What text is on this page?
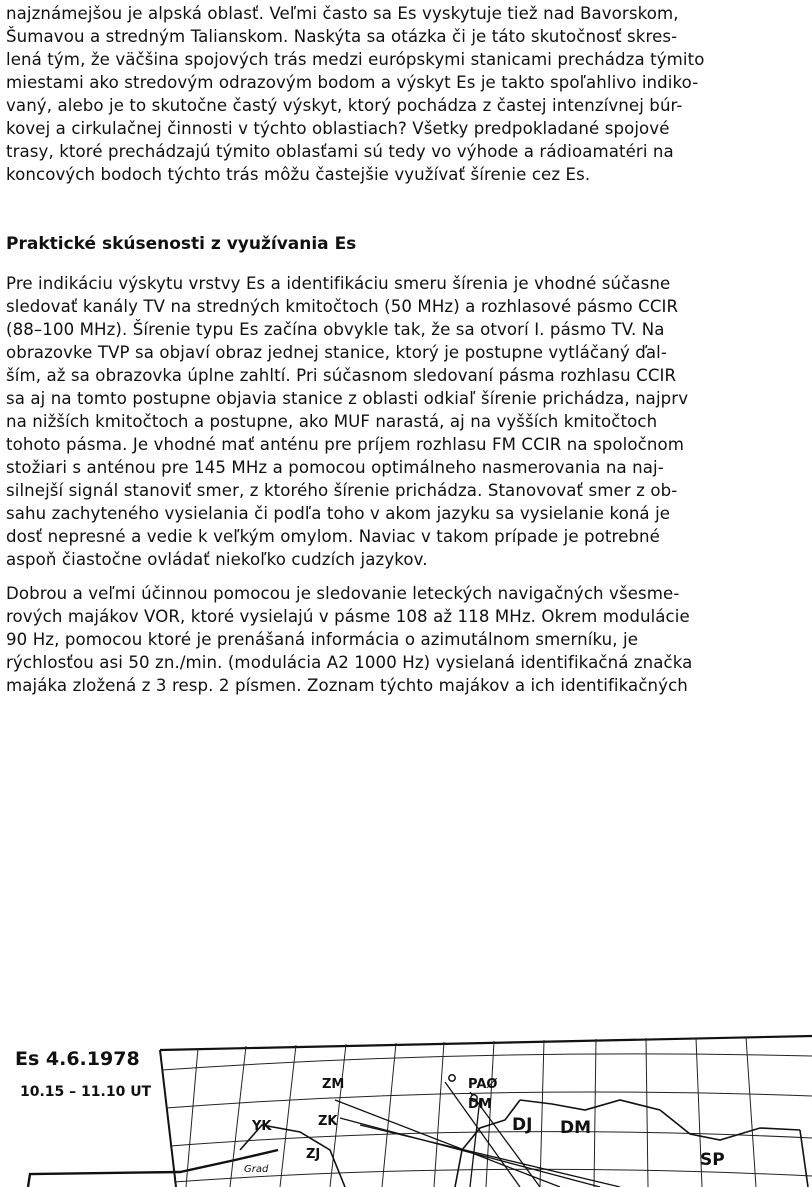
najznámejšou je alpská oblasť. Veľmi často sa Es vyskytuje tiež nad Bavorskom,
Šumavou a stredným Talianskom. Naskýta sa otázka či je táto skutočnosť skres-
lená tým, že väčšina spojových trás medzi európskymi stanicami prechádza týmito
miestami ako stredovým odrazovým bodom a výskyt Es je takto spoľahlivo indiko-
vaný, alebo je to skutočne častý výskyt, ktorý pochádza z častej intenzívnej búr-
kovej a cirkulačnej činnosti v týchto oblastiach? Všetky predpokladané spojové
trasy, ktoré prechádzajú týmito oblasťami sú tedy vo výhode a rádioamatéri na
koncových bodoch týchto trás môžu častejšie využívať šírenie cez Es.
Praktické skúsenosti z využívania Es
Pre indikáciu výskytu vrstvy Es a identifikáciu smeru šírenia je vhodné súčasne
sledovať kanály TV na stredných kmitočtoch (50 MHz) a rozhlasové pásmo CCIR
(88–100 MHz). Šírenie typu Es začína obvykle tak, že sa otvorí I. pásmo TV. Na
obrazovke TVP sa objaví obraz jednej stanice, ktorý je postupne vytláčaný ďal-
ším, až sa obrazovka úplne zahltí. Pri súčasnom sledovaní pásma rozhlasu CCIR
sa aj na tomto postupne objavia stanice z oblasti odkiaľ šírenie prichádza, najprv
na nižších kmitočtoch a postupne, ako MUF narastá, aj na vyšších kmitočtoch
tohoto pásma. Je vhodné mať anténu pre príjem rozhlasu FM CCIR na spoločnom
stožiari s anténou pre 145 MHz a pomocou optimálneho nasmerovania na naj-
silnejší signál stanoviť smer, z ktorého šírenie prichádza. Stanovovať smer z ob-
sahu zachyteného vysielania či podľa toho v akom jazyku sa vysielanie koná je
dosť nepresné a vedie k veľkým omylom. Naviac v takom prípade je potrebné
aspoň čiastočne ovládať niekoľko cudzích jazykov.
Dobrou a veľmi účinnou pomocou je sledovanie leteckých navigačných všesme-
rových majákov VOR, ktoré vysielajú v pásme 108 až 118 MHz. Okrem modulácie
90 Hz, pomocou ktoré je prenášaná informácia o azimutálnom smerníku, je
rýchlosťou asi 50 zn./min. (modulácia A2 1000 Hz) vysielaná identifikačná značka
majáka zložená z 3 resp. 2 písmen. Zoznam týchto majákov a ich identifikačných
Es 4.6.1978
10.15 – 11.10 UT	ZM
YK	ZK
ZJ
PAØ
DM
DJ DM
SP
Grad
